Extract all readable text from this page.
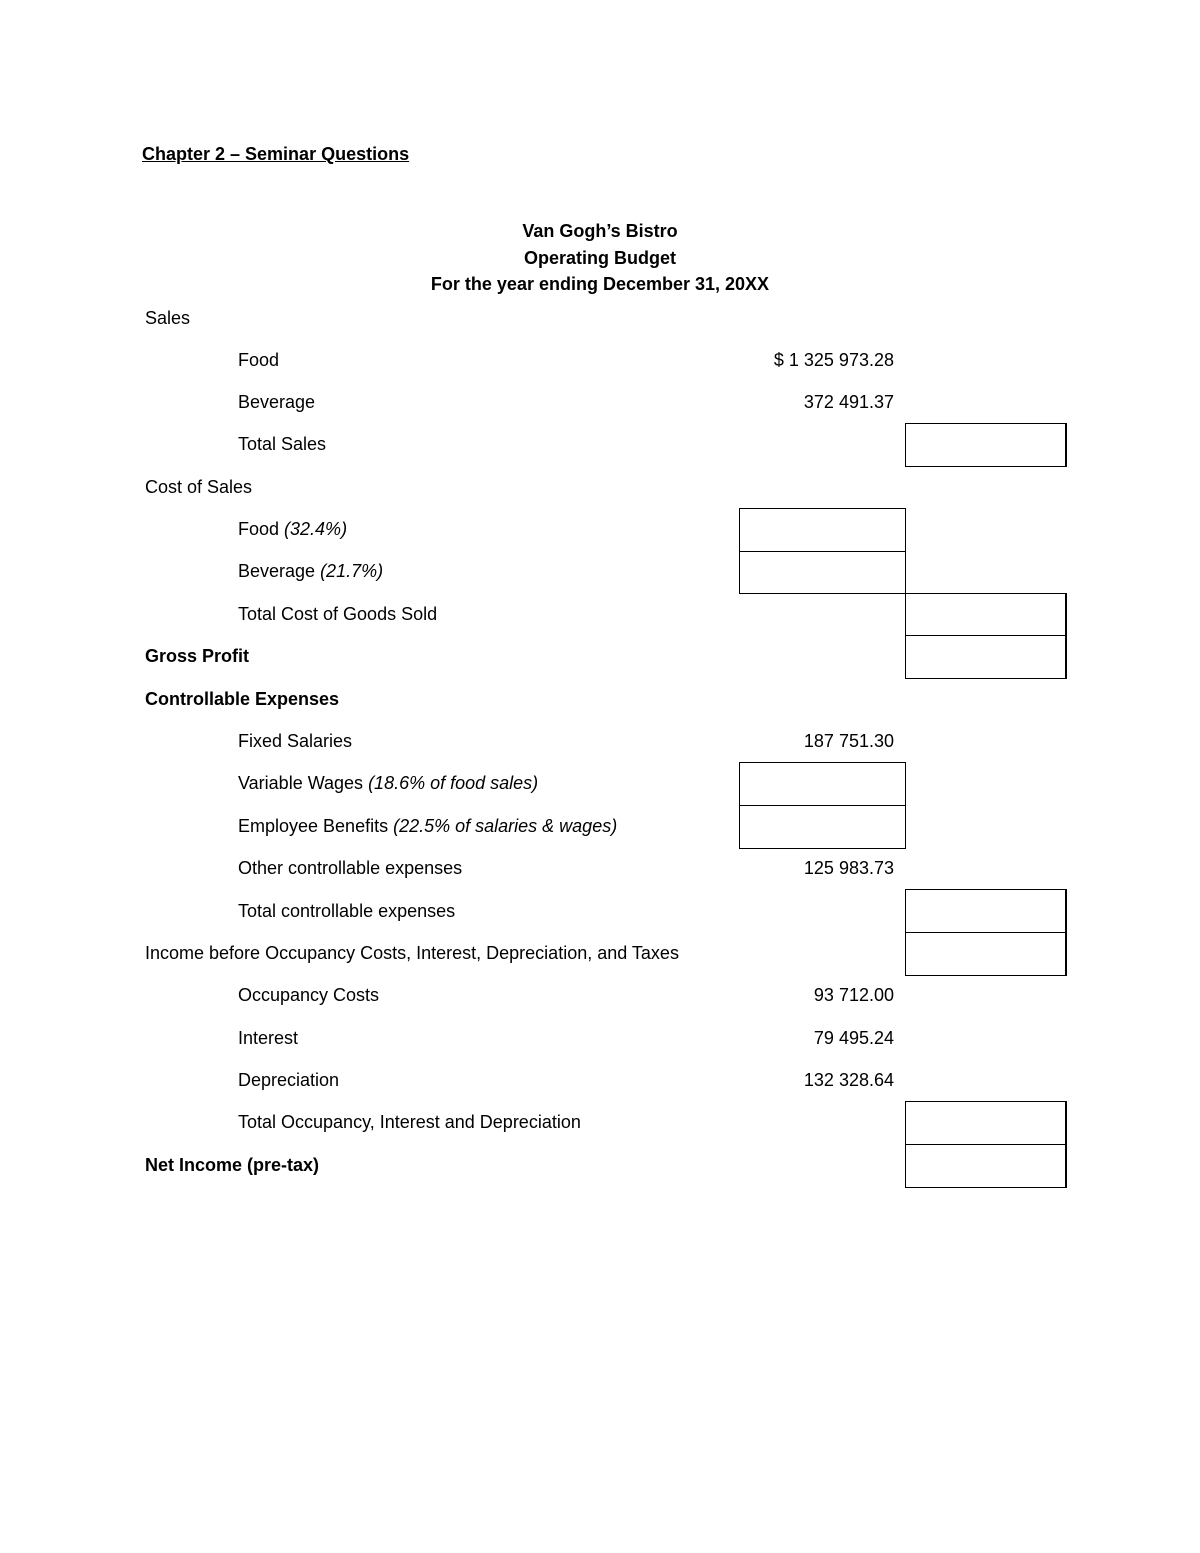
Chapter 2 – Seminar Questions
Van Gogh’s Bistro
Operating Budget
For the year ending December 31, 20XX
Sales
Food	$ 1 325 973.28
Beverage	372 491.37
Total Sales
Cost of Sales
Food (32.4%)
Beverage (21.7%)
Total Cost of Goods Sold
Gross Profit
Controllable Expenses
Fixed Salaries	187 751.30
Variable Wages (18.6% of food sales)
Employee Benefits (22.5% of salaries & wages)
Other controllable expenses	125 983.73
Total controllable expenses
Income before Occupancy Costs, Interest, Depreciation, and Taxes
Occupancy Costs	93 712.00
Interest	79 495.24
Depreciation	132 328.64
Total Occupancy, Interest and Depreciation
Net Income (pre-tax)
